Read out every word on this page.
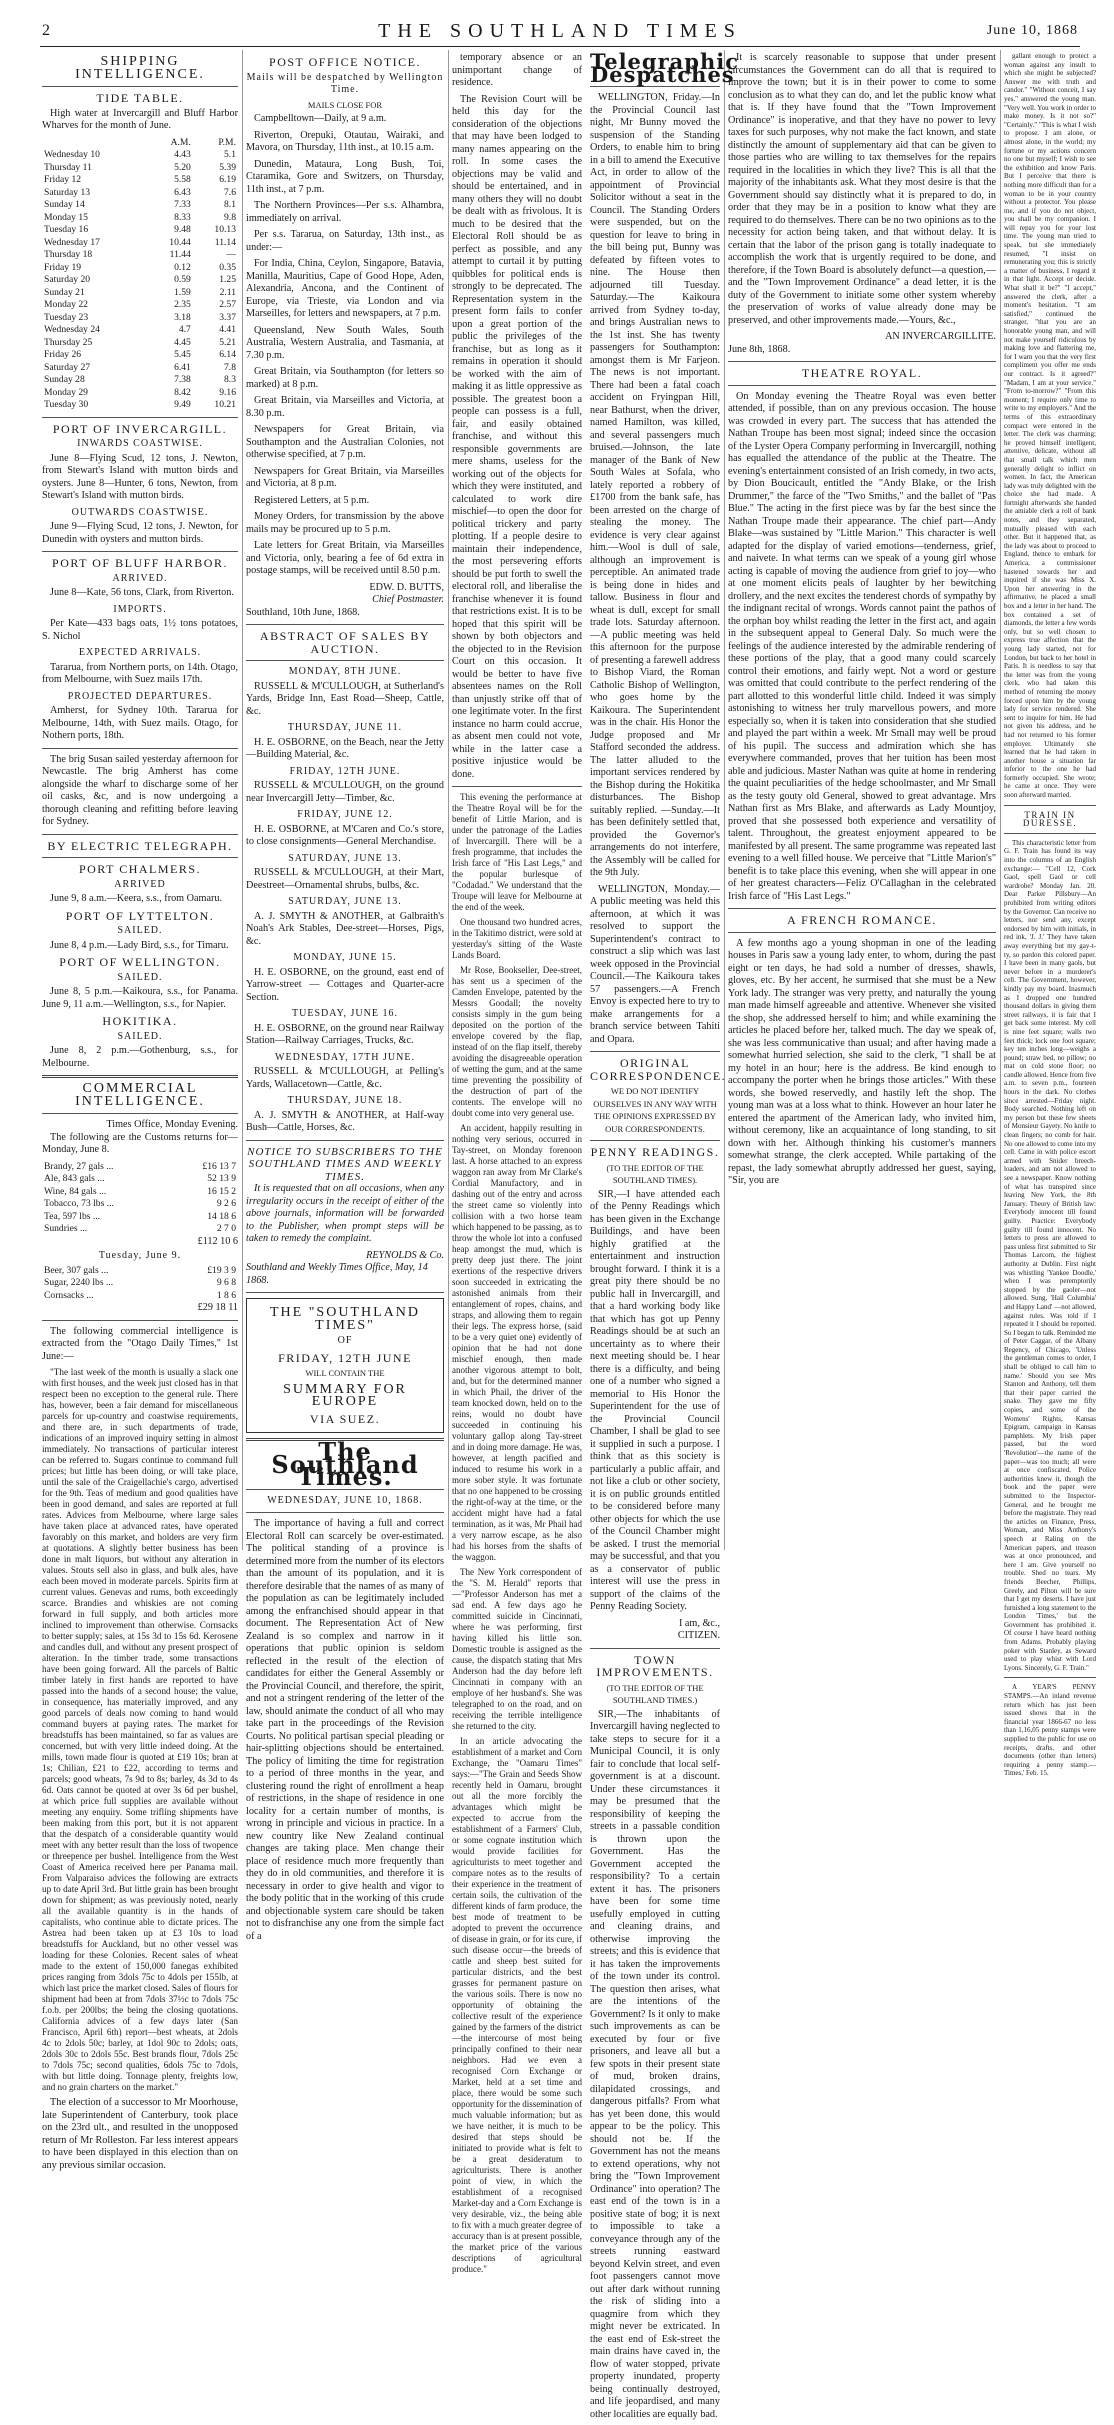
2	THE SOUTHLAND TIMES	June 10, 1868
SHIPPING INTELLIGENCE.
TIDE TABLE.

High water at Invercargill and Bluff Harbor Wharves for the month of June.

	A.M.	P.M.
Wednesday 10	4.43	5.1
Thursday 11	5.20	5.39
Friday 12	5.58	6.19
Saturday 13	6.43	7.6
Sunday 14	7.33	8.1
Monday 15	8.33	9.8
Tuesday 16	9.48	10.13
Wednesday 17	10.44	11.14
Thursday 18	11.44	—
Friday 19	0.12	0.35
Saturday 20	0.59	1.25
Sunday 21	1.59	2.11
Monday 22	2.35	2.57
Tuesday 23	3.18	3.37
Wednesday 24	4.7	4.41
Thursday 25	4.45	5.21
Friday 26	5.45	6.14
Saturday 27	6.41	7.8
Sunday 28	7.38	8.3
Monday 29	8.42	9.16
Tuesday 30	9.49	10.21
PORT OF INVERCARGILL.
INWARDS COASTWISE.

June 8—Flying Scud, 12 tons, J. Newton, from Stewart's Island with mutton birds and oysters. June 8—Hunter, 6 tons, Newton, from Stewart's Island with mutton birds.

OUTWARDS COASTWISE.

June 9—Flying Scud, 12 tons, J. Newton, for Dunedin with oysters and mutton birds.

PORT OF BLUFF HARBOR.
ARRIVED.

June 8—Kate, 56 tons, Clark, from Riverton.

IMPORTS.

Per Kate—433 bags oats, 1½ tons potatoes, S. Nichol

EXPECTED ARRIVALS.

Tararua, from Northern ports, on 14th. Otago, from Melbourne, with Suez mails 17th.

PROJECTED DEPARTURES.

Amherst, for Sydney 10th. Tararua for Melbourne, 14th, with Suez mails. Otago, for Nothern ports, 18th.

The brig Susan sailed yesterday afternoon for Newcastle. The brig Amherst has come alongside the wharf to discharge some of her oil casks, &c, and is now undergoing a thorough cleaning and refitting before leaving for Sydney.

BY ELECTRIC TELEGRAPH.
PORT CHALMERS.
ARRIVED

June 9, 8 a.m.—Keera, s.s., from Oamaru.

PORT OF LYTTELTON.
SAILED.

June 8, 4 p.m.—Lady Bird, s.s., for Timaru.

PORT OF WELLINGTON.
SAILED.

June 8, 5 p.m.—Kaikoura, s.s., for Panama. June 9, 11 a.m.—Wellington, s.s., for Napier.

HOKITIKA.
SAILED.

June 8, 2 p.m.—Gothenburg, s.s., for Melbourne.

COMMERCIAL INTELLIGENCE.
Times Office, Monday Evening.

The following are the Customs returns for— Monday, June 8.

Brandy, 27 gals ...	£16 13 7
Ale, 843 gals ...	52 13 9
Wine, 84 gals ...	16 15 2
Tobacco, 73 lbs ...	9 2 6
Tea, 597 lbs ...	14 18 6
Sundries ...	2 7 0
£112 10 6
Tuesday, June 9.
Beer, 307 gals ...	£19 3 9
Sugar, 2240 lbs ...	9 6 8
Cornsacks ...	1 8 6
£29 18 11

The following commercial intelligence is extracted from the "Otago Daily Times," 1st June:—

"The last week of the month is usually a slack one with first houses, and the week just closed has in that respect been no exception to the general rule. There has, however, been a fair demand for miscellaneous parcels for up-country and coastwise requirements, and there are, in such departments of trade, indications of an improved inquiry setting in almost immediately. No transactions of particular interest can be referred to. Sugars continue to command full prices; but little has been doing, or will take place, until the sale of the Craigellachie's cargo, advertised for the 9th. Teas of medium and good qualities have been in good demand, and sales are reported at full rates. Advices from Melbourne, where large sales have taken place at advanced rates, have operated favorably on this market, and holders are very firm at quotations. A slightly better business has been done in malt liquors, but without any alteration in values. Stouts sell also in glass, and bulk ales, have each been moved in moderate parcels. Spirits firm at current values. Genevas and rums, both exceedingly scarce. Brandies and whiskies are not coming forward in full supply, and both articles more inclined to improvement than otherwise. Cornsacks to better supply; sales, at 15s 3d to 15s 6d. Kerosene and candles dull, and without any present prospect of alteration. In the timber trade, some transactions have been going forward. All the parcels of Baltic timber lately in first hands are reported to have passed into the hands of a second house; the value, in consequence, has materially improved, and any good parcels of deals now coming to hand would command buyers at paying rates. The market for breadstuffs has been maintained, so far as values are concerned, but with very little indeed doing. At the mills, town made flour is quoted at £19 10s; bran at 1s; Chilian, £21 to £22, according to terms and parcels; good wheats, 7s 9d to 8s; barley, 4s 3d to 4s 6d. Oats cannot be quoted at over 3s 6d per bushel, at which price full supplies are available without meeting any enquiry. Some trifling shipments have been making from this port, but it is not apparent that the despatch of a considerable quantity would meet with any better result than the loss of twopence or threepence per bushel. Intelligence from the West Coast of America received here per Panama mail. From Valparaiso advices the following are extracts up to date April 3rd. But little grain has been brought down for shipment; as was previously noted, nearly all the available quantity is in the hands of capitalists, who continue able to dictate prices. The Astrea had been taken up at £3 10s to load breadstuffs for Auckland, but no other vessel was loading for these Colonies. Recent sales of wheat made to the extent of 150,000 fanegas exhibited prices ranging from 3dols 75c to 4dols per 155lb, at which last price the market closed. Sales of flours for shipment had been at from 7dols 37½c to 7dols 75c f.o.b. per 200lbs; the being the closing quotations. California advices of a few days later (San Francisco, April 6th) report—best wheats, at 2dols 4c to 2dols 50c; barley, at 1dol 90c to 2dols; oats, 2dols 30c to 2dols 55c. Best brands flour, 7dols 25c to 7dols 75c; second qualities, 6dols 75c to 7dols, with but little doing. Tonnage plenty, freights low, and no grain charters on the market."

The election of a successor to Mr Moorhouse, late Superintendent of Canterbury, took place on the 23rd ult., and resulted in the unopposed return of Mr Rolleston. Far less interest appears to have been displayed in this election than on any previous similar occasion.

POST OFFICE NOTICE.
Mails will be despatched by Wellington Time.
MAILS CLOSE FOR

Campbelltown—Daily, at 9 a.m.

Riverton, Orepuki, Otautau, Wairaki, and Mavora, on Thursday, 11th inst., at 10.15 a.m.

Dunedin, Mataura, Long Bush, Toi, Ctaramika, Gore and Switzers, on Thursday, 11th inst., at 7 p.m.

The Northern Provinces—Per s.s. Alhambra, immediately on arrival.

Per s.s. Tararua, on Saturday, 13th inst., as under:—

For India, China, Ceylon, Singapore, Batavia, Manilla, Mauritius, Cape of Good Hope, Aden, Alexandria, Ancona, and the Continent of Europe, via Trieste, via London and via Marseilles, for letters and newspapers, at 7 p.m.

Queensland, New South Wales, South Australia, Western Australia, and Tasmania, at 7.30 p.m.

Great Britain, via Southampton (for letters so marked) at 8 p.m.

Great Britain, via Marseilles and Victoria, at 8.30 p.m.

Newspapers for Great Britain, via Southampton and the Australian Colonies, not otherwise specified, at 7 p.m.

Newspapers for Great Britain, via Marseilles and Victoria, at 8 p.m.

Registered Letters, at 5 p.m.

Money Orders, for transmission by the above mails may be procured up to 5 p.m.

Late letters for Great Britain, via Marseilles and Victoria, only, bearing a fee of 6d extra in postage stamps, will be received until 8.50 p.m.

EDW. D. BUTTS,
Chief Postmaster.
Southland, 10th June, 1868.
ABSTRACT OF SALES BY AUCTION.
MONDAY, 8TH JUNE.

RUSSELL & M'CULLOUGH, at Sutherland's Yards, Bridge Inn, East Road—Sheep, Cattle, &c.

THURSDAY, JUNE 11.

H. E. OSBORNE, on the Beach, near the Jetty—Building Material, &c.

FRIDAY, 12TH JUNE.

RUSSELL & M'CULLOUGH, on the ground near Invercargill Jetty—Timber, &c.

FRIDAY, JUNE 12.

H. E. OSBORNE, at M'Caren and Co.'s store, to close consignments—General Merchandise.

SATURDAY, JUNE 13.

RUSSELL & M'CULLOUGH, at their Mart, Deestreet—Ornamental shrubs, bulbs, &c.

SATURDAY, JUNE 13.

A. J. SMYTH & ANOTHER, at Galbraith's Noah's Ark Stables, Dee-street—Horses, Pigs, &c.

MONDAY, JUNE 15.

H. E. OSBORNE, on the ground, east end of Yarrow-street — Cottages and Quarter-acre Section.

TUESDAY, JUNE 16.

H. E. OSBORNE, on the ground near Railway Station—Railway Carriages, Trucks, &c.

WEDNESDAY, 17TH JUNE.

RUSSELL & M'CULLOUGH, at Pelling's Yards, Wallacetown—Cattle, &c.

THURSDAY, JUNE 18.

A. J. SMYTH & ANOTHER, at Half-way Bush—Cattle, Horses, &c.

NOTICE TO SUBSCRIBERS TO THE SOUTHLAND TIMES AND WEEKLY TIMES.

It is requested that on all occasions, when any irregularity occurs in the receipt of either of the above journals, information will be forwarded to the Publisher, when prompt steps will be taken to remedy the complaint.

REYNOLDS & Co.
Southland and Weekly Times Office, May, 14 1868.
THE "SOUTHLAND TIMES"
OF
FRIDAY, 12TH JUNE
WILL CONTAIN THE
SUMMARY FOR EUROPE
VIA SUEZ.
The Southland Times.
WEDNESDAY, JUNE 10, 1868.

The importance of having a full and correct Electoral Roll can scarcely be over-estimated. The political standing of a province is determined more from the number of its electors than the amount of its population, and it is therefore desirable that the names of as many of the population as can be legitimately included among the enfranchised should appear in that document. The Representation Act of New Zealand is so complex and narrow in it operations that public opinion is seldom reflected in the result of the election of candidates for either the General Assembly or the Provincial Council, and therefore, the spirit, and not a stringent rendering of the letter of the law, should animate the conduct of all who may take part in the proceedings of the Revision Courts. No political partisan special pleading or hair-splitting objections should be entertained. The policy of limiting the time for registration to a period of three months in the year, and clustering round the right of enrollment a heap of restrictions, in the shape of residence in one locality for a certain number of months, is wrong in principle and vicious in practice. In a new country like New Zealand continual changes are taking place. Men change their place of residence much more frequently than they do in old communities, and therefore it is necessary in order to give health and vigor to the body politic that in the working of this crude and objectionable system care should be taken not to disfranchise any one from the simple fact of a

temporary absence or an unimportant change of residence.

The Revision Court will be held this day for the consideration of the objections that may have been lodged to many names appearing on the roll. In some cases the objections may be valid and should be entertained, and in many others they will no doubt be dealt with as frivolous. It is much to be desired that the Electoral Roll should be as perfect as possible, and any attempt to curtail it by putting quibbles for political ends is strongly to be deprecated. The Representation system in the present form fails to confer upon a great portion of the public the privileges of the franchise, but as long as it remains in operation it should be worked with the aim of making it as little oppressive as possible. The greatest boon a people can possess is a full, fair, and easily obtained franchise, and without this responsible governments are mere shams, useless for the working out of the objects for which they were instituted, and calculated to work dire mischief—to open the door for political trickery and party plotting. If a people desire to maintain their independence, the most persevering efforts should be put forth to swell the electoral roll, and liberalise the franchise whenever it is found that restrictions exist. It is to be hoped that this spirit will be shown by both objectors and the objected to in the Revision Court on this occasion. It would be better to have five absentees names on the Roll than unjustly strike off that of one legitimate voter. In the first instance no harm could accrue, as absent men could not vote, while in the latter case a positive injustice would be done.

This evening the performance at the Theatre Royal will be for the benefit of Little Marion, and is under the patronage of the Ladies of Invercargill. There will be a fresh programme, that includes the Irish farce of "His Last Legs," and the popular burlesque of "Codadad." We understand that the Troupe will leave for Melbourne at the end of the week.

One thousand two hundred acres, in the Takitimo district, were sold at yesterday's sitting of the Waste Lands Board.

Mr Rose, Bookseller, Dee-street, has sent us a specimen of the Camden Envelope, patented by the Messrs Goodall; the novelty consists simply in the gum being deposited on the portion of the envelope covered by the flap, instead of on the flap itself, thereby avoiding the disagreeable operation of wetting the gum, and at the same time preventing the possibility of the destruction of part of the contents. The envelope will no doubt come into very general use.

An accident, happily resulting in nothing very serious, occurred in Tay-street, on Monday forenoon last. A horse attached to an express waggon ran away from Mr Clarke's Cordial Manufactory, and in dashing out of the entry and across the street came so violently into collision with a two horse team which happened to be passing, as to throw the whole lot into a confused heap amongst the mud, which is pretty deep just there. The joint exertions of the respective drivers soon succeeded in extricating the astonished animals from their entanglement of ropes, chains, and straps, and allowing them to regain their legs. The express horse, (said to be a very quiet one) evidently of opinion that he had not done mischief enough, then made another vigorous attempt to bolt, and, but for the determined manner in which Phail, the driver of the team knocked down, held on to the reins, would no doubt have succeeded in continuing his voluntary gallop along Tay-street and in doing more damage. He was, however, at length pacified and induced to resume his work in a more sober style. It was fortunate that no one happened to be crossing the right-of-way at the time, or the accident might have had a fatal termination, as it was, Mr Phail had a very narrow escape, as he also had his horses from the shafts of the waggon.

The New York correspondent of the "S. M. Herald" reports that—"Professor Anderson has met a sad end. A few days ago he committed suicide in Cincinnati, where he was performing, first having killed his little son. Domestic trouble is assigned as the cause, the dispatch stating that Mrs Anderson had the day before left Cincinnati in company with an employe of her husband's. She was telegraphed to on the road, and on receiving the terrible intelligence she returned to the city.

In an article advocating the establishment of a market and Corn Exchange, the "Oamaru Times" says:—"The Grain and Seeds Show recently held in Oamaru, brought out all the more forcibly the advantages which might be expected to accrue from the establishment of a Farmers' Club, or some cognate institution which would provide facilities for agriculturists to meet together and compare notes as to the results of their experience in the treatment of certain soils, the cultivation of the different kinds of farm produce, the best mode of treatment to be adopted to prevent the occurrence of disease in grain, or for its cure, if such disease occur—the breeds of cattle and sheep best suited for particular districts, and the best grasses for permanent pasture on the various soils. There is now no opportunity of obtaining the collective result of the experience gained by the farmers of the district—the intercourse of most being principally confined to their near neighbors. Had we even a recognised Corn Exchange or Market, held at a set time and place, there would be some such opportunity for the dissemination of much valuable information; but as we have neither, it is much to be desired that steps should be initiated to provide what is felt to be a great desideratum to agriculturists. There is another point of view, in which the establishment of a recognised Market-day and a Corn Exchange is very desirable, viz., the being able to fix with a much greater degree of accuracy than is at present possible, the market price of the various descriptions of agricultural produce."

Telegraphic Despatches

WELLINGTON, Friday.—In the Provincial Council last night, Mr Bunny moved the suspension of the Standing Orders, to enable him to bring in a bill to amend the Executive Act, in order to allow of the appointment of Provincial Solicitor without a seat in the Council. The Standing Orders were suspended, but on the question for leave to bring in the bill being put, Bunny was defeated by fifteen votes to nine. The House then adjourned till Tuesday. Saturday.—The Kaikoura arrived from Sydney to-day, and brings Australian news to the 1st inst. She has twenty passengers for Southampton: amongst them is Mr Farjeon. The news is not important. There had been a fatal coach accident on Fryingpan Hill, near Bathurst, when the driver, named Hamilton, was killed, and several passengers much bruised.—Johnson, the late manager of the Bank of New South Wales at Sofala, who lately reported a robbery of £1700 from the bank safe, has been arrested on the charge of stealing the money. The evidence is very clear against him.—Wool is dull of sale, although an improvement is perceptible. An animated trade is being done in hides and tallow. Business in flour and wheat is dull, except for small trade lots. Saturday afternoon.—A public meeting was held this afternoon for the purpose of presenting a farewell address to Bishop Viard, the Roman Catholic Bishop of Wellington, who goes home by the Kaikoura. The Superintendent was in the chair. His Honor the Judge proposed and Mr Stafford seconded the address. The latter alluded to the important services rendered by the Bishop during the Hokitika disturbances. The Bishop suitably replied. —Sunday.—It has been definitely settled that, provided the Governor's arrangements do not interfere, the Assembly will be called for the 9th July.

WELLINGTON, Monday.—A public meeting was held this afternoon, at which it was resolved to support the Superintendent's contract to construct a slip which was last week opposed in the Provincial Council.—The Kaikoura takes 57 passengers.—A French Envoy is expected here to try to make arrangements for a branch service between Tahiti and Opara.

ORIGINAL CORRESPONDENCE.
WE DO NOT IDENTIFY OURSELVES IN ANY WAY WITH THE OPINIONS EXPRESSED BY OUR CORRESPONDENTS.
PENNY READINGS.
(TO THE EDITOR OF THE SOUTHLAND TIMES).

SIR,—I have attended each of the Penny Readings which has been given in the Exchange Buildings, and have been highly gratified at the entertainment and instruction brought forward. I think it is a great pity there should be no public hall in Invercargill, and that a hard working body like that which has got up Penny Readings should be at such an uncertainty as to where their next meeting should be. I hear there is a difficulty, and being one of a number who signed a memorial to His Honor the Superintendent for the use of the Provincial Council Chamber, I shall be glad to see it supplied in such a purpose. I think that as this society is particularly a public affair, and not like a club or other society, it is on public grounds entitled to be considered before many other objects for which the use of the Council Chamber might be asked. I trust the memorial may be successful, and that you as a conservator of public interest will use the press in support of the claims of the Penny Reading Society.

I am, &c.,
CITIZEN.
TOWN IMPROVEMENTS.
(TO THE EDITOR OF THE SOUTHLAND TIMES.)

SIR,—The inhabitants of Invercargill having neglected to take steps to secure for it a Municipal Council, it is only fair to conclude that local self-government is at a discount. Under these circumstances it may be presumed that the responsibility of keeping the streets in a passable condition is thrown upon the Government. Has the Government accepted the responsibility? To a certain extent it has. The prisoners have been for some time usefully employed in cutting and cleaning drains, and otherwise improving the streets; and this is evidence that it has taken the improvements of the town under its control. The question then arises, what are the intentions of the Government? Is it only to make such improvements as can be executed by four or five prisoners, and leave all but a few spots in their present state of mud, broken drains, dilapidated crossings, and dangerous pitfalls? From what has yet been done, this would appear to be the policy. This should not be. If the Government has not the means to extend operations, why not bring the "Town Improvement Ordinance" into operation? The east end of the town is in a positive state of bog; it is next to impossible to take a conveyance through any of the streets running eastward beyond Kelvin street, and even foot passengers cannot move out after dark without running the risk of sliding into a quagmire from which they might never be extricated. In the east end of Esk-street the main drains have caved in, the flow of water stopped, private property inundated, property being continually destroyed, and life jeopardised, and many other localities are equally bad.

It is scarcely reasonable to suppose that under present circumstances the Government can do all that is required to improve the town; but it is in their power to come to some conclusion as to what they can do, and let the public know what that is. If they have found that the "Town Improvement Ordinance" is inoperative, and that they have no power to levy taxes for such purposes, why not make the fact known, and state distinctly the amount of supplementary aid that can be given to those parties who are willing to tax themselves for the repairs required in the localities in which they live? This is all that the majority of the inhabitants ask. What they most desire is that the Government should say distinctly what it is prepared to do, in order that they may be in a position to know what they are required to do themselves. There can be no two opinions as to the necessity for action being taken, and that without delay. It is certain that the labor of the prison gang is totally inadequate to accomplish the work that is urgently required to be done, and therefore, if the Town Board is absolutely defunct—a question,—and the "Town Improvement Ordinance" a dead letter, it is the duty of the Government to initiate some other system whereby the preservation of works of value already done may be preserved, and other improvements made.—Yours, &c.,

AN INVERCARGILLITE.
June 8th, 1868.
THEATRE ROYAL.

On Monday evening the Theatre Royal was even better attended, if possible, than on any previous occasion. The house was crowded in every part. The success that has attended the Nathan Troupe has been most signal; indeed since the occasion of the Lyster Opera Company performing in Invercargill, nothing has equalled the attendance of the public at the Theatre. The evening's entertainment consisted of an Irish comedy, in two acts, by Dion Boucicault, entitled the "Andy Blake, or the Irish Drummer," the farce of the "Two Smiths," and the ballet of "Pas Blue." The acting in the first piece was by far the best since the Nathan Troupe made their appearance. The chief part—Andy Blake—was sustained by "Little Marion." This character is well adapted for the display of varied emotions—tenderness, grief, and naivete. In what terms can we speak of a young girl whose acting is capable of moving the audience from grief to joy—who at one moment elicits peals of laughter by her bewitching drollery, and the next excites the tenderest chords of sympathy by the indignant recital of wrongs. Words cannot paint the pathos of the orphan boy whilst reading the letter in the first act, and again in the subsequent appeal to General Daly. So much were the feelings of the audience interested by the admirable rendering of these portions of the play, that a good many could scarcely control their emotions, and fairly wept. Not a word or gesture was omitted that could contribute to the perfect rendering of the part allotted to this wonderful little child. Indeed it was simply astonishing to witness her truly marvellous powers, and more especially so, when it is taken into consideration that she studied and played the part within a week. Mr Small may well be proud of his pupil. The success and admiration which she has everywhere commanded, proves that her tuition has been most able and judicious. Master Nathan was quite at home in rendering the quaint peculiarities of the hedge schoolmaster, and Mr Small as the testy gouty old General, showed to great advantage. Mrs Nathan first as Mrs Blake, and afterwards as Lady Mountjoy, proved that she possessed both experience and versatility of talent. Throughout, the greatest enjoyment appeared to be manifested by all present. The same programme was repeated last evening to a well filled house. We perceive that "Little Marion's" benefit is to take place this evening, when she will appear in one of her greatest characters—Feliz O'Callaghan in the celebrated Irish farce of "His Last Legs."

A FRENCH ROMANCE.

A few months ago a young shopman in one of the leading houses in Paris saw a young lady enter, to whom, during the past eight or ten days, he had sold a number of dresses, shawls, gloves, etc. By her accent, he surmised that she must be a New York lady. The stranger was very pretty, and naturally the young man made himself agreeable and attentive. Whenever she visited the shop, she addressed herself to him; and while examining the articles he placed before her, talked much. The day we speak of, she was less communicative than usual; and after having made a somewhat hurried selection, she said to the clerk, "I shall be at my hotel in an hour; here is the address. Be kind enough to accompany the porter when he brings those articles." With these words, she bowed reservedly, and hastily left the shop. The young man was at a loss what to think. However an hour later he entered the apartment of the American lady, who invited him, without ceremony, like an acquaintance of long standing, to sit down with her. Although thinking his customer's manners somewhat strange, the clerk accepted. While partaking of the repast, the lady somewhat abruptly addressed her guest, saying, "Sir, you are

gallant enough to protect a woman against any insult to which she might be subjected? Answer me with truth and candor." "Without conceit, I say yes," answered the young man. "Very well. You work in order to make money. Is it not so?" "Certainly." "This is what I wish to propose. I am alone, or almost alone, in the world; my fortune or my actions concern no one but myself; I wish to see the exhibition and know Paris. But I perceive that there is nothing more difficult than for a woman to be in your country without a protector. You please me, and if you do not object, you shall be my companion. I will repay you for your lost time. The young man tried to speak, but she immediately resumed, "I insist on remunerating you; this is strictly a matter of business, I regard it in that light. Accept or decide. What shall it be?" "I accept," answered the clerk, after a moment's hesitation. "I am satisfied," continued the stranger, "that you are an honorable young man, and will not make yourself ridiculous by making love and flattering me, for I warn you that the very first compliment you offer me ends our contract. Is it agreed?" "Madam, I am at your service." "From to-morrow?" "From this moment; I require only time to write to my employers." And the terms of this extraordinary compact were entered in the letter. The clerk was charming; he proved himself intelligent, attentive, delicate, without all that small talk which men generally delight to inflict on women. In fact, the American lady was truly delighted with the choice she had made. A fortnight afterwards she handed the amiable clerk a roll of bank notes, and they separated, mutually pleased with each other. But it happened that, as the lady was about to proceed to England, thence to embark for America, a commissioner hastened towards her and inquired if she was Miss X. Upon her answering in the affirmative, he placed a small box and a letter in her hand. The box contained a set of diamonds, the letter a few words only, but so well chosen to express true affection that the young lady started, not for London, but back to her hotel in Paris. It is needless to say that the letter was from the young clerk, who had taken this method of returning the money forced upon him by the young lady for service rendered. She sent to inquire for him. He had not given his address, and he had not returned to his former employer. Ultimately she learned that he had taken in another house a situation far inferior to the one he had formerly occupied. She wrote; he came at once. They were soon afterward married.

TRAIN IN DURESSE.

This characteristic letter from G. F. Train has found its way into the columns of an English exchange:— "Cell 12, Cork Gaol, spell Gaol or cell wardrobe? Monday Jan. 20. Dear Parker Pillsbury—An prohibited from writing editors by the Governor. Can receive no letters, nor send any, except endorsed by him with initials, in red ink, 'J. J.' They have taken away everything but my gay-t-ty, so pardon this colored paper. I have been in many gaols, but never before in a murderer's cell. The Government, however, kindly pay my board. Inasmuch as I dropped one hundred thousand dollars in giving them street railways, it is fair that I get back some interest. My cell is nine feet square; walls two feet thick; lock one foot square; key ten inches long—weighs a pound; straw bed, no pillow; no mat on cold stone floor; no candle allowed. Hence from five a.m. to seven p.m., fourteen hours in the dark. No clothes since arrested—Friday night. Body searched. Nothing left on my person but these few sheets of Monsieur Gayety. No knife to clean fingers; no comb for hair. No one allowed to come into my cell. Came in with police escort armed with Snider breech-loaders, and am not allowed to see a newspaper. Know nothing of what has transpired since leaving New York, the 8th January. Theory of British law: Everybody innocent till found guilty. Practice: Everybody guilty till found innocent. No letters to press are allowed to pass unless first submitted to Sir Thomas Larcom, the highest authority at Dublin. First night was whistling 'Yankee Doodle,' when I was peremptorily stopped by the gaoler—not allowed. Sung, 'Hail Columbia' and Happy Land' —not allowed, against rules. Was told if I repeated it I should be reported. So I began to talk. Reminded me of Peter Caggar, of the Albany Regency, of Chicago, 'Unless the gentleman comes to order, I shall be obliged to call him to name.' Should you see Mrs Stanton and Anthony, tell them that their paper carried the snake. They gave me fifty copies, and some of the Womens' Rights, Kansas Epigram, campaign in Kansas pamphlets. My Irish paper passed, but the word 'Revolution'—the name of the paper—was too much; all were at once confiscated. Police authorities knew it, though the book and the paper were submitted to the Inspector-General, and he brought me before the magistrate. They read the articles on Finance, Press, Woman, and Miss Anthony's speech at Raling on the American papers, and treason was at once pronounced, and here I am. Give yourself no trouble. Shed no tears. My friends Beecher, Phillips, Greely, and Pilton will be sure that I get my deserts. I have just furnished a long statement to the London 'Times,' but the Government has prohibited it. Of course I have heard nothing from Adams. Probably playing poker with Stanley, as Seward used to play whist with Lord Lyons. Sincerely, G. F. Train."

A YEAR'S PENNY STAMPS.—An inland revenue return which has just been issued shows that in the financial year 1866-67 no less than 1,16,05 penny stamps were supplied to the public for use on receipts, drafts, and other documents (other than letters) requiring a penny stamp.—Times,' Feb. 15.
